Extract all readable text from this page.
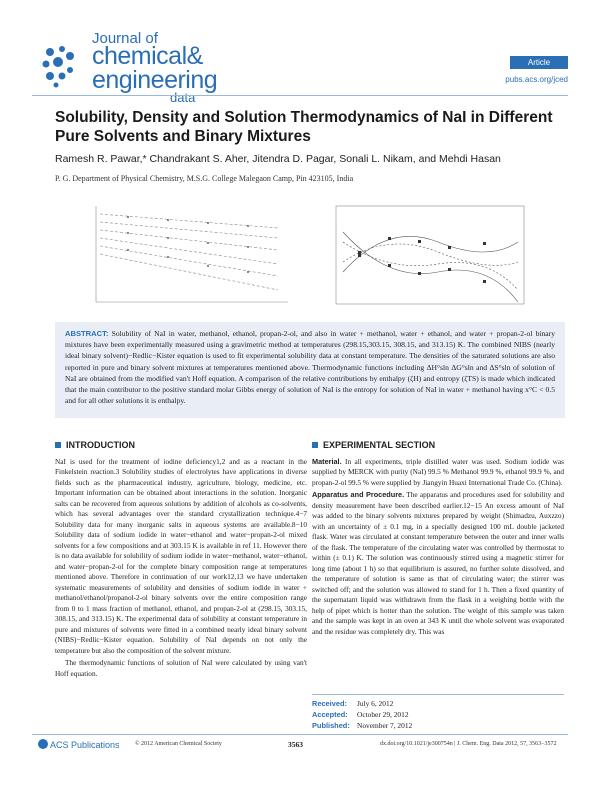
Journal of
chemical&
engineering
data
Article
pubs.acs.org/jced
Solubility, Density and Solution Thermodynamics of NaI in Different Pure Solvents and Binary Mixtures
Ramesh R. Pawar,* Chandrakant S. Aher, Jitendra D. Pagar, Sonali L. Nikam, and Mehdi Hasan
P. G. Department of Physical Chemistry, M.S.G. College Malegaon Camp, Pin 423105, India

ABSTRACT: Solubility of NaI in water, methanol, ethanol, propan-2-ol, and also in water + methanol, water + ethanol, and water + propan-2-ol binary mixtures have been experimentally measured using a gravimetric method at temperatures (298.15,303.15, 308.15, and 313.15) K. The combined NIBS (nearly ideal binary solvent)−Redlic−Kister equation is used to fit experimental solubility data at constant temperature. The densities of the saturated solutions are also reported in pure and binary solvent mixtures at temperatures mentioned above. Thermodynamic functions including ΔH°sln ΔG°sln and ΔS°sln of solution of NaI are obtained from the modified van't Hoff equation. A comparison of the relative contributions by enthalpy (ζH) and entropy (ζTS) is made which indicated that the main contributor to the positive standard molar Gibbs energy of solution of NaI is the entropy for solution of NaI in water + methanol having x°C < 0.5 and for all other solutions it is enthalpy.

INTRODUCTION

NaI is used for the treatment of iodine deficiency1,2 and as a reactant in the Finkelstein reaction.3 Solubility studies of electrolytes have applications in diverse fields such as the pharmaceutical industry, agriculture, biology, medicine, etc. Important information can be obtained about interactions in the solution. Inorganic salts can be recovered from aqueous solutions by addition of alcohols as co-solvents, which has several advantages over the standard crystallization technique.4−7 Solubility data for many inorganic salts in aqueous systems are available.8−10 Solubility data of sodium iodide in water−ethanol and water−propan-2-ol mixed solvents for a few compositions and at 303.15 K is available in ref 11. However there is no data available for solubility of sodium iodide in water−methanol, water−ethanol, and water−propan-2-ol for the complete binary composition range at temperatures mentioned above. Therefore in continuation of our work12,13 we have undertaken systematic measurements of solubility and densities of sodium iodide in water + methanol/ethanol/propanol-2-ol binary solvents over the entire composition range from 0 to 1 mass fraction of methanol, ethanol, and propan-2-ol at (298.15, 303.15, 308.15, and 313.15) K. The experimental data of solubility at constant temperature in pure and mixtures of solvents were fitted in a combined nearly ideal binary solvent (NIBS)−Redlic−Kister equation. Solubility of NaI depends on not only the temperature but also the composition of the solvent mixture.

The thermodynamic functions of solution of NaI were calculated by using van't Hoff equation.

EXPERIMENTAL SECTION

Material. In all experiments, triple distilled water was used. Sodium iodide was supplied by MERCK with purity (NaI) 99.5 % Methanol 99.9 %, ethanol 99.9 %, and propan-2-ol 99.5 % were supplied by Jiangyin Huaxi International Trade Co. (China).

Apparatus and Procedure. The apparatus and procedures used for solubility and density measurement have been described earlier.12−15 An excess amount of NaI was added to the binary solvents mixtures prepared by weight (Shimadzu, Auxzzo) with an uncertainty of ± 0.1 mg, in a specially designed 100 mL double jacketed flask. Water was circulated at constant temperature between the outer and inner walls of the flask. The temperature of the circulating water was controlled by thermostat to within (± 0.1) K. The solution was continuously stirred using a magnetic stirrer for long time (about 1 h) so that equilibrium is assured, no further solute dissolved, and the temperature of solution is same as that of circulating water; the stirrer was switched off; and the solution was allowed to stand for 1 h. Then a fixed quantity of the supernatant liquid was withdrawn from the flask in a weighing bottle with the help of pipet which is hotter than the solution. The weight of this sample was taken and the sample was kept in an oven at 343 K until the whole solvent was evaporated and the residue was completely dry. This was

Received: July 6, 2012
Accepted: October 29, 2012
Published: November 7, 2012
ACS Publications	© 2012 American Chemical Society	3563	dx.doi.org/10.1021/je300754n | J. Chem. Eng. Data 2012, 57, 3563−3572
